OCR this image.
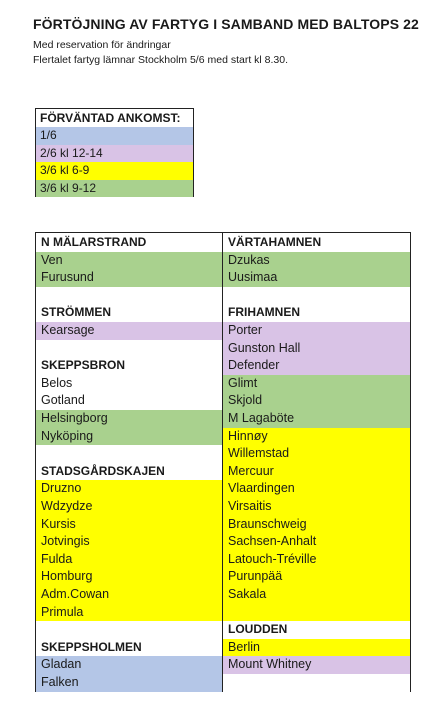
FÖRTÖJNING AV FARTYG I SAMBAND MED BALTOPS 22
Med reservation för ändringar
Flertalet fartyg lämnar Stockholm 5/6 med start kl 8.30.
FÖRVÄNTAD ANKOMST:
1/6
2/6 kl 12-14
3/6 kl 6-9
3/6 kl 9-12
N MÄLARSTRAND
Ven
Furusund
STRÖMMEN
Kearsage
SKEPPSBRON
Belos
Gotland
Helsingborg
Nyköping
STADSGÅRDSKAJEN
Druzno
Wdzydze
Kursis
Jotvingis
Fulda
Homburg
Adm.Cowan
Primula
SKEPPSHOLMEN
Gladan
Falken
VÄRTAHAMNEN
Dzukas
Uusimaa
FRIHAMNEN
Porter
Gunston Hall
Defender
Glimt
Skjold
M Lagaböte
Hinnøy
Willemstad
Mercuur
Vlaardingen
Virsaitis
Braunschweig
Sachsen-Anhalt
Latouch-Tréville
Purunpää
Sakala
LOUDDEN
Berlin
Mount Whitney
